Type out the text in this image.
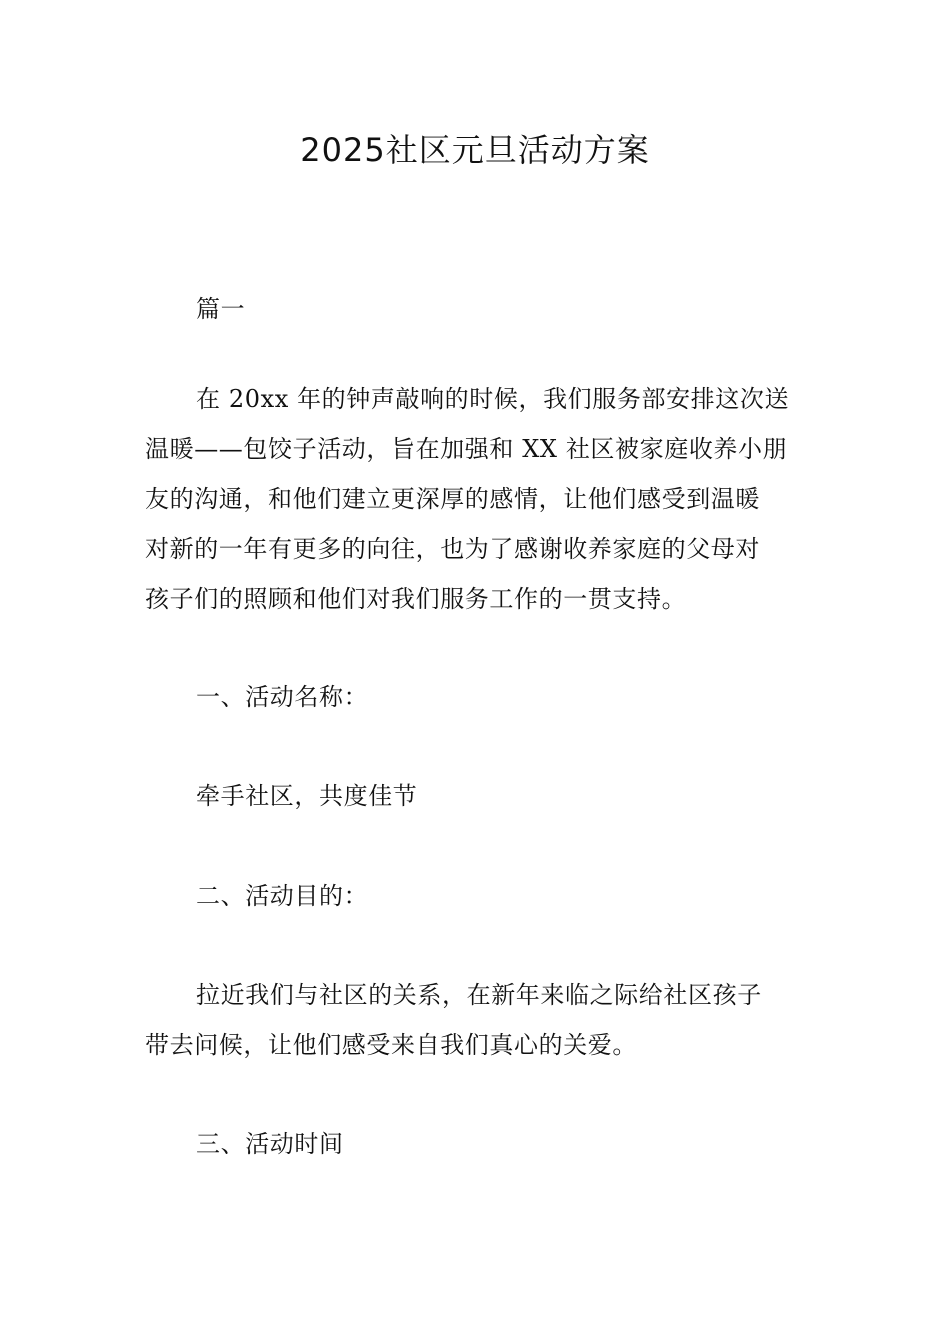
2025社区元旦活动方案
篇一
在 20xx 年的钟声敲响的时候，我们服务部安排这次送
温暖——包饺子活动，旨在加强和 XX 社区被家庭收养小朋
友的沟通，和他们建立更深厚的感情，让他们感受到温暖
对新的一年有更多的向往，也为了感谢收养家庭的父母对
孩子们的照顾和他们对我们服务工作的一贯支持。
一、活动名称：
牵手社区，共度佳节
二、活动目的：
拉近我们与社区的关系，在新年来临之际给社区孩子
带去问候，让他们感受来自我们真心的关爱。
三、活动时间
